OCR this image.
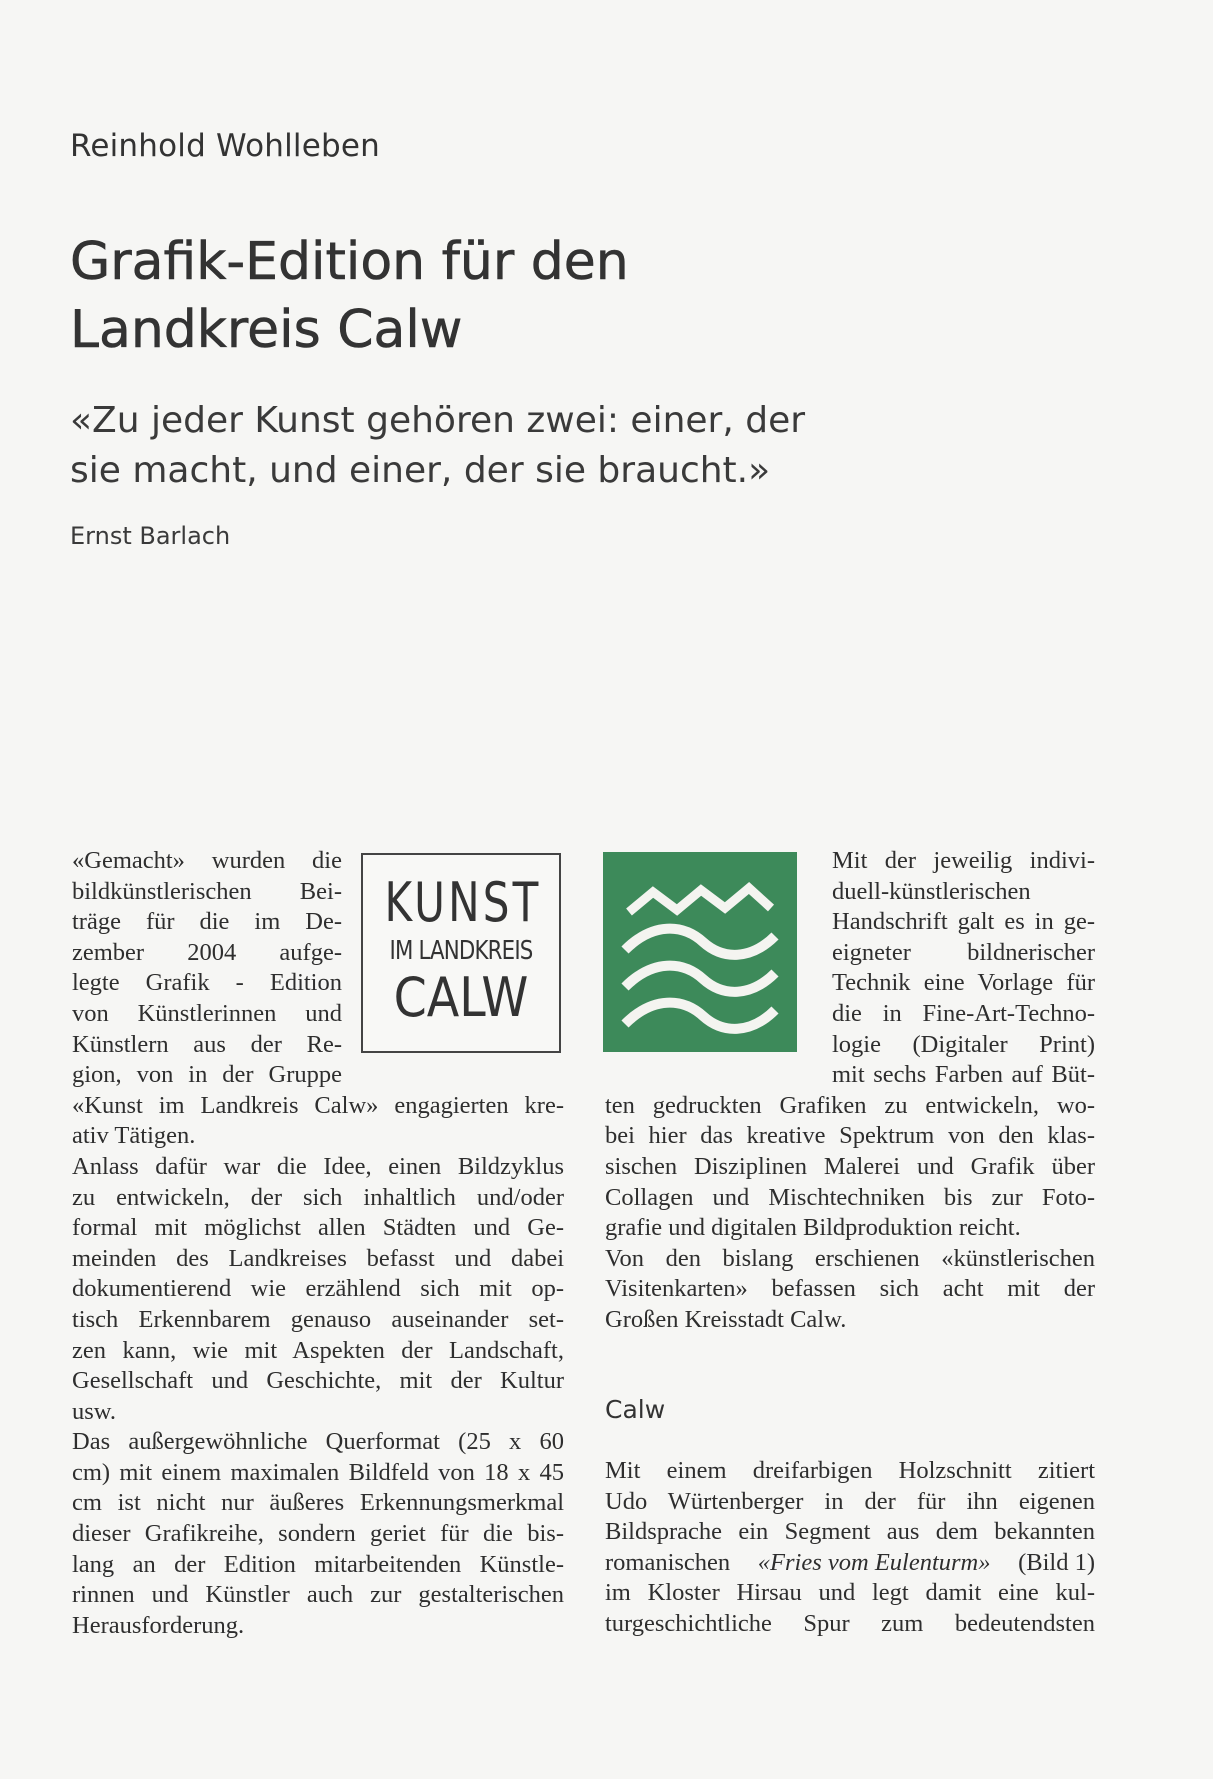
Reinhold Wohlleben
Grafik-Edition für den
Landkreis Calw
«Zu jeder Kunst gehören zwei: einer, der
sie macht, und einer, der sie braucht.»
Ernst Barlach
KUNST
IM LANDKREIS
CALW
«Gemacht» wurden die
bildkünstlerischen Bei-
träge für die im De-
zember 2004 aufge-
legte Grafik - Edition
von Künstlerinnen und
Künstlern aus der Re-
gion, von in der Gruppe
«Kunst im Landkreis Calw» engagierten kre-
ativ Tätigen.
Anlass dafür war die Idee, einen Bildzyklus
zu entwickeln, der sich inhaltlich und/oder
formal mit möglichst allen Städten und Ge-
meinden des Landkreises befasst und dabei
dokumentierend wie erzählend sich mit op-
tisch Erkennbarem genauso auseinander set-
zen kann, wie mit Aspekten der Landschaft,
Gesellschaft und Geschichte, mit der Kultur
usw.
Das außergewöhnliche Querformat (25 x 60
cm) mit einem maximalen Bildfeld von 18 x 45
cm ist nicht nur äußeres Erkennungsmerkmal
dieser Grafikreihe, sondern geriet für die bis-
lang an der Edition mitarbeitenden Künstle-
rinnen und Künstler auch zur gestalterischen
Herausforderung.
Mit der jeweilig indivi-
duell-künstlerischen
Handschrift galt es in ge-
eigneter bildnerischer
Technik eine Vorlage für
die in Fine-Art-Techno-
logie (Digitaler Print)
mit sechs Farben auf Büt-
ten gedruckten Grafiken zu entwickeln, wo-
bei hier das kreative Spektrum von den klas-
sischen Disziplinen Malerei und Grafik über
Collagen und Mischtechniken bis zur Foto-
grafie und digitalen Bildproduktion reicht.
Von den bislang erschienen «künstlerischen
Visitenkarten» befassen sich acht mit der
Großen Kreisstadt Calw.
Calw
Mit einem dreifarbigen Holzschnitt zitiert
Udo Würtenberger in der für ihn eigenen
Bildsprache ein Segment aus dem bekannten
romanischen «Fries vom Eulenturm» (Bild 1)
im Kloster Hirsau und legt damit eine kul-
turgeschichtliche Spur zum bedeutendsten
